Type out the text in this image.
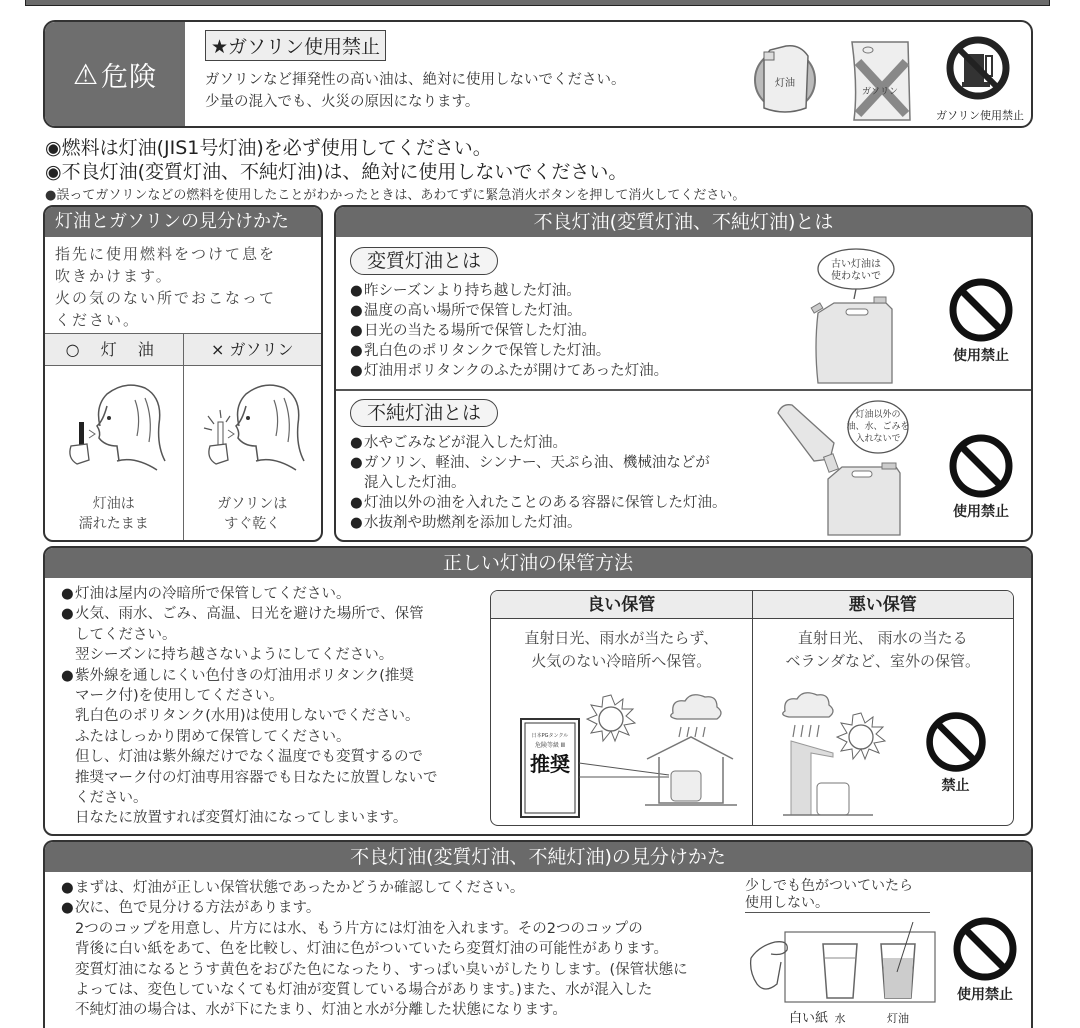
⚠ 危険
★ガソリン使用禁止
ガソリンなど揮発性の高い油は、絶対に使用しないでください。
少量の混入でも、火災の原因になります。
灯油
ガソリン
ガソリン使用禁止
◉燃料は灯油(JIS1号灯油)を必ず使用してください。
◉不良灯油(変質灯油、不純灯油)は、絶対に使用しないでください。
●誤ってガソリンなどの燃料を使用したことがわかったときは、あわてずに緊急消火ボタンを押して消火してください。
灯油とガソリンの見分けかた
指先に使用燃料をつけて息を
吹きかけます。
火の気のない所でおこなって
ください。
○ 灯 油	× ガソリン
灯油は
濡れたまま
ガソリンは
すぐ乾く
不良灯油(変質灯油、不純灯油)とは
変質灯油とは
● 昨シーズンより持ち越した灯油。
● 温度の高い場所で保管した灯油。
● 日光の当たる場所で保管した灯油。
● 乳白色のポリタンクで保管した灯油。
● 灯油用ポリタンクのふたが開けてあった灯油。
古い灯油は
使わないで
使用禁止
不純灯油とは
● 水やごみなどが混入した灯油。
● ガソリン、軽油、シンナー、天ぷら油、機械油などが
混入した灯油。
● 灯油以外の油を入れたことのある容器に保管した灯油。
● 水抜剤や助燃剤を添加した灯油。
灯油以外の
油、水、ごみを
入れないで
使用禁止
正しい灯油の保管方法
● 灯油は屋内の冷暗所で保管してください。
● 火気、雨水、ごみ、高温、日光を避けた場所で、保管
してください。
翌シーズンに持ち越さないようにしてください。
● 紫外線を通しにくい色付きの灯油用ポリタンク(推奨
マーク付)を使用してください。
乳白色のポリタンク(水用)は使用しないでください。
ふたはしっかり閉めて保管してください。
但し、灯油は紫外線だけでなく温度でも変質するので
推奨マーク付の灯油専用容器でも日なたに放置しないで
ください。
日なたに放置すれば変質灯油になってしまいます。
良い保管
直射日光、雨水が当たらず、
火気のない冷暗所へ保管。
日本PGタンクル
危険等級 Ⅲ
推奨
悪い保管
直射日光、 雨水の当たる
ベランダなど、室外の保管。
禁止
不良灯油(変質灯油、不純灯油)の見分けかた
● まずは、灯油が正しい保管状態であったかどうか確認してください。
● 次に、色で見分ける方法があります。
2つのコップを用意し、片方には水、もう片方には灯油を入れます。その2つのコップの
背後に白い紙をあて、色を比較し、灯油に色がついていたら変質灯油の可能性があります。
変質灯油になるとうす黄色をおびた色になったり、すっぱい臭いがしたりします。(保管状態に
よっては、変色していなくても灯油が変質している場合があります。)また、水が混入した
不純灯油の場合は、水が下にたまり、灯油と水が分離した状態になります。
少しでも色がついていたら
使用しない。
白い紙 水	灯油
使用禁止
